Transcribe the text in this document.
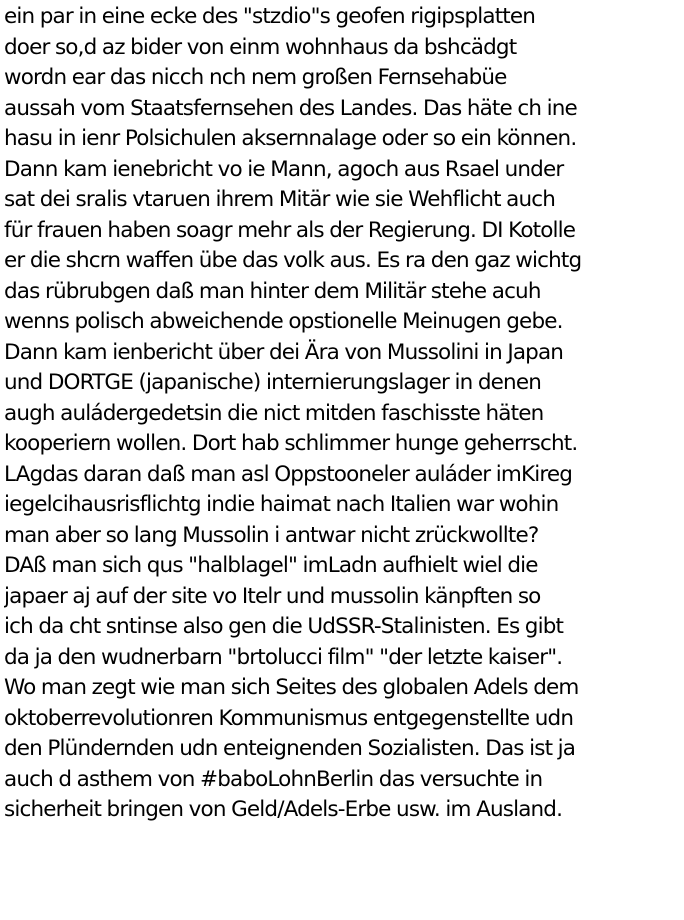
ein par in eine ecke des "stzdio"s geofen rigipsplatten
doer so,d az bider von einm wohnhaus da bshcädgt
wordn ear das nicch nch nem großen Fernsehabüe
aussah vom Staatsfernsehen des Landes. Das häte ch ine
hasu in ienr Polsichulen aksernnalage oder so ein können.
Dann kam ienebricht vo ie Mann, agoch aus Rsael under
sat dei sralis vtaruen ihrem Mitär wie sie Wehflicht auch
für frauen haben soagr mehr als der Regierung. DI Kotolle
er die shcrn waffen übe das volk aus. Es ra den gaz wichtg
das rübrubgen daß man hinter dem Militär stehe acuh
wenns polisch abweichende opstionelle Meinugen gebe.
Dann kam ienbericht über dei Ära von Mussolini in Japan
und DORTGE (japanische) internierungslager in denen
augh auládergedetsin die nict mitden faschisste häten
kooperiern wollen. Dort hab schlimmer hunge geherrscht.
LAgdas daran daß man asl Oppstooneler auláder imKireg
iegelcihausrisflichtg indie haimat nach Italien war wohin
man aber so lang Mussolin i antwar nicht zrückwollte?
DAß man sich qus "halblagel" imLadn aufhielt wiel die
japaer aj auf der site vo Itelr und mussolin känpften so
ich da cht sntinse also gen die UdSSR-Stalinisten. Es gibt
da ja den wudnerbarn "brtolucci film" "der letzte kaiser".
Wo man zegt wie man sich Seites des globalen Adels dem
oktoberrevolutionren Kommunismus entgegenstellte udn
den Plündernden udn enteignenden Sozialisten. Das ist ja
auch d asthem von #baboLohnBerlin das versuchte in
sicherheit bringen von Geld/Adels-Erbe usw. im Ausland.
